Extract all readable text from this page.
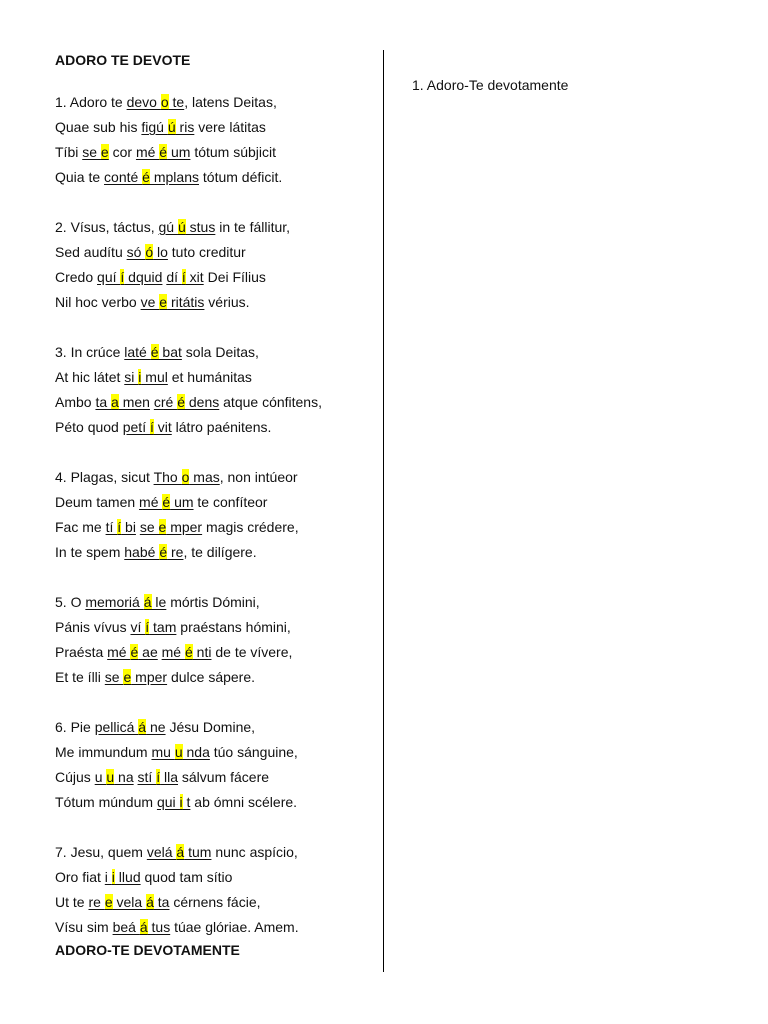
ADORO TE DEVOTE
1. Adoro te devo o te, latens Deitas,
Quae sub his figú ú ris vere látitas
Tíbi se e cor mé é um tótum súbjicit
Quia te conté é mplans tótum déficit.
2. Vísus, táctus, gú ú stus in te fállitur,
Sed audítu só ó lo tuto creditur
Credo quí í dquid dí í xit Dei Fílius
Nil hoc verbo ve e ritátis vérius.
3. In crúce laté é bat sola Deitas,
At hic látet si i mul et humánitas
Ambo ta a men cré é dens atque cónfitens,
Péto quod petí í vit látro paénitens.
4. Plagas, sicut Tho o mas, non intúeor
Deum tamen mé é um te confíteor
Fac me tí í bi se e mper magis crédere,
In te spem habé é re, te dilígere.
5. O memoriá á le mórtis Dómini,
Pánis vívus ví í tam praéstans hómini,
Praésta mé é ae mé é nti de te vívere,
Et te ílli se e mper dulce sápere.
6. Pie pellicá á ne Jésu Domine,
Me immundum mu u nda túo sánguine,
Cújus u u na stí í lla sálvum fácere
Tótum múndum qui i t ab ómni scélere.
7. Jesu, quem velá á tum nunc aspício,
Oro fiat i i llud quod tam sítio
Ut te re e vela á ta cérnens fácie,
Vísu sim beá á tus túae glóriae. Amem.
ADORO-TE DEVOTAMENTE

1. Adoro-Te devotamente
